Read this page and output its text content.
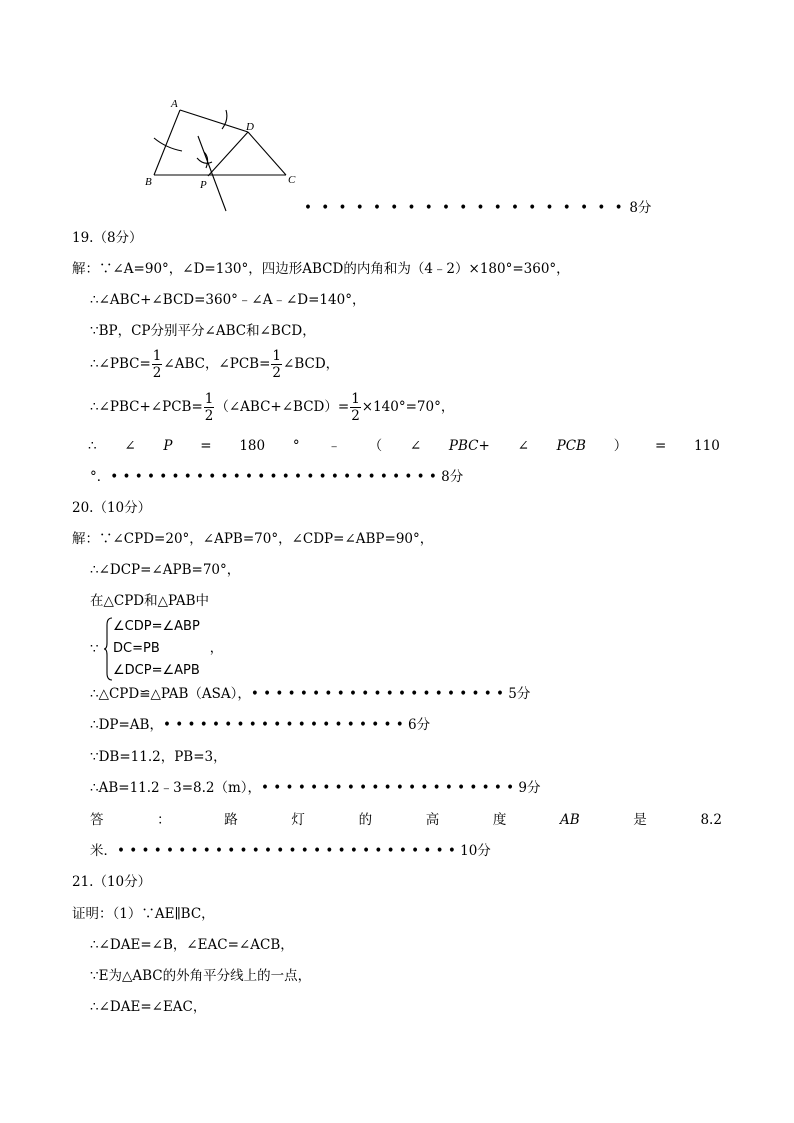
A
D
B	P	C
• • • • • • • • • • • • • • • • • • • 8分
19.（8分）
解：∵∠A=90°，∠D=130°，四边形ABCD的内角和为（4﹣2）×180°=360°，
∴∠ABC+∠BCD=360°﹣∠A﹣∠D=140°，
∵BP，CP分别平分∠ABC和∠BCD，
∴∠PBC= $\frac{1}{2}$ ∠ABC，∠PCB= $\frac{1}{2}$ ∠BCD，
∴∠PBC+∠PCB= $\frac{1}{2}$ （∠ABC+∠BCD）= $\frac{1}{2} \times 140^\circ=70^\circ$，
∴ ∠ P = 180 ° ﹣ （ ∠ PBC+ ∠ PCB ） = 110
°．• • • • • • • • • • • • • • • • • • • • • • • • • • • 8分
20.（10分）
解：∵∠CPD=20°，∠APB=70°，∠CDP=∠ABP=90°，
∴∠DCP=∠APB=70°，
在△CPD和△PAB中
∵
∠CDP=∠ABP
DC=PB	，
∠DCP=∠APB
∴△CPD≌△PAB（ASA），• • • • • • • • • • • • • • • • • • • • • 5分
∴DP=AB，• • • • • • • • • • • • • • • • • • • • 6分
∵DB=11.2，PB=3，
∴AB=11.2﹣3=8.2（m），• • • • • • • • • • • • • • • • • • • • • 9分
答	：	路	灯	的	高	度	AB	是	8.2
米．• • • • • • • • • • • • • • • • • • • • • • • • • • • • 10分
21.（10分）
证明：（1）∵AE∥BC，
∴∠DAE=∠B，∠EAC=∠ACB，
∵E为△ABC的外角平分线上的一点，
∴∠DAE=∠EAC，
